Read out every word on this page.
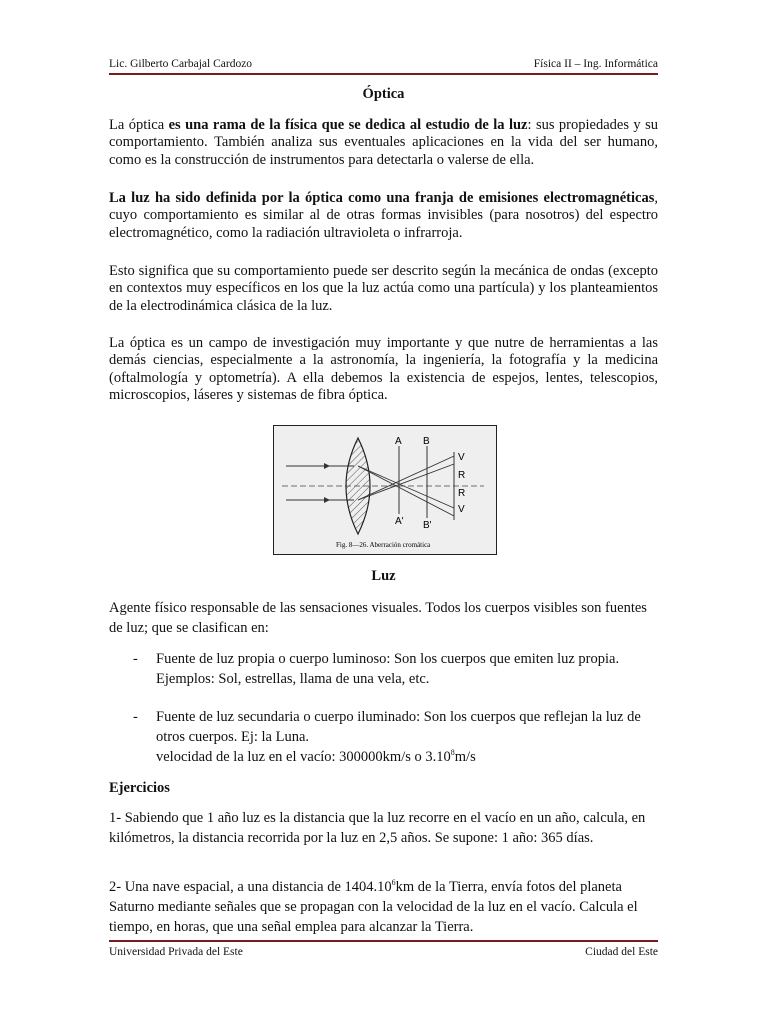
Lic. Gilberto Carbajal Cardozo	Física II – Ing. Informática
Óptica

La óptica es una rama de la física que se dedica al estudio de la luz: sus propiedades y su comportamiento. También analiza sus eventuales aplicaciones en la vida del ser humano, como es la construcción de instrumentos para detectarla o valerse de ella.

La luz ha sido definida por la óptica como una franja de emisiones electromagnéticas, cuyo comportamiento es similar al de otras formas invisibles (para nosotros) del espectro electromagnético, como la radiación ultravioleta o infrarroja.

Esto significa que su comportamiento puede ser descrito según la mecánica de ondas (excepto en contextos muy específicos en los que la luz actúa como una partícula) y los planteamientos de la electrodinámica clásica de la luz.

La óptica es un campo de investigación muy importante y que nutre de herramientas a las demás ciencias, especialmente a la astronomía, la ingeniería, la fotografía y la medicina (oftalmología y optometría). A ella debemos la existencia de espejos, lentes, telescopios, microscopios, láseres y sistemas de fibra óptica.

A B
A' B'
V
R
R
V
Fig. 8—26. Aberración cromática
Luz

Agente físico responsable de las sensaciones visuales. Todos los cuerpos visibles son fuentes de luz; que se clasifican en:

- Fuente de luz propia o cuerpo luminoso: Son los cuerpos que emiten luz propia.
Ejemplos: Sol, estrellas, llama de una vela, etc.
- Fuente de luz secundaria o cuerpo iluminado: Son los cuerpos que reflejan la luz de otros cuerpos. Ej: la Luna.
velocidad de la luz en el vacío: 300000km/s o 3.10$^8$m/s
Ejercicios

1- Sabiendo que 1 año luz es la distancia que la luz recorre en el vacío en un año, calcula, en kilómetros, la distancia recorrida por la luz en 2,5 años. Se supone: 1 año: 365 días.

2- Una nave espacial, a una distancia de 1404.10$^6$km de la Tierra, envía fotos del planeta Saturno mediante señales que se propagan con la velocidad de la luz en el vacío. Calcula el tiempo, en horas, que una señal emplea para alcanzar la Tierra.

Universidad Privada del Este	Ciudad del Este
